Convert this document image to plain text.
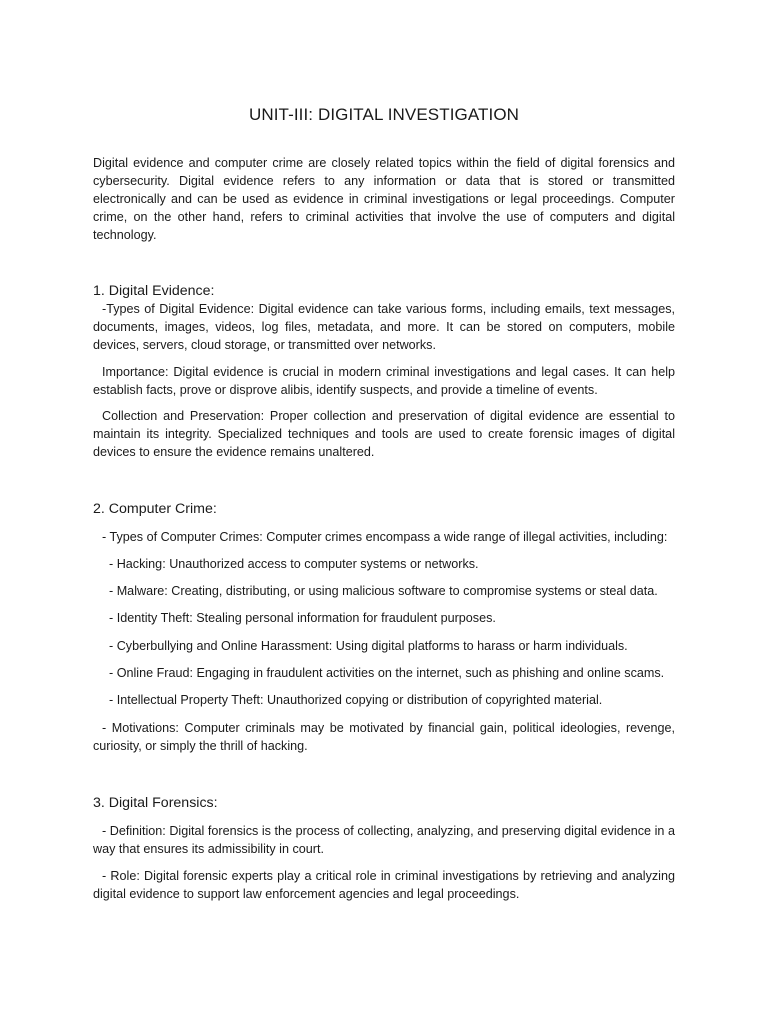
UNIT-III: DIGITAL INVESTIGATION
Digital evidence and computer crime are closely related topics within the field of digital forensics and cybersecurity. Digital evidence refers to any information or data that is stored or transmitted electronically and can be used as evidence in criminal investigations or legal proceedings. Computer crime, on the other hand, refers to criminal activities that involve the use of computers and digital technology.
1. Digital Evidence:
-Types of Digital Evidence: Digital evidence can take various forms, including emails, text messages, documents, images, videos, log files, metadata, and more. It can be stored on computers, mobile devices, servers, cloud storage, or transmitted over networks.
Importance: Digital evidence is crucial in modern criminal investigations and legal cases. It can help establish facts, prove or disprove alibis, identify suspects, and provide a timeline of events.
Collection and Preservation: Proper collection and preservation of digital evidence are essential to maintain its integrity. Specialized techniques and tools are used to create forensic images of digital devices to ensure the evidence remains unaltered.
2. Computer Crime:
- Types of Computer Crimes: Computer crimes encompass a wide range of illegal activities, including:
- Hacking: Unauthorized access to computer systems or networks.
- Malware: Creating, distributing, or using malicious software to compromise systems or steal data.
- Identity Theft: Stealing personal information for fraudulent purposes.
- Cyberbullying and Online Harassment: Using digital platforms to harass or harm individuals.
- Online Fraud: Engaging in fraudulent activities on the internet, such as phishing and online scams.
- Intellectual Property Theft: Unauthorized copying or distribution of copyrighted material.
- Motivations: Computer criminals may be motivated by financial gain, political ideologies, revenge, curiosity, or simply the thrill of hacking.
3. Digital Forensics:
- Definition: Digital forensics is the process of collecting, analyzing, and preserving digital evidence in a way that ensures its admissibility in court.
- Role: Digital forensic experts play a critical role in criminal investigations by retrieving and analyzing digital evidence to support law enforcement agencies and legal proceedings.
